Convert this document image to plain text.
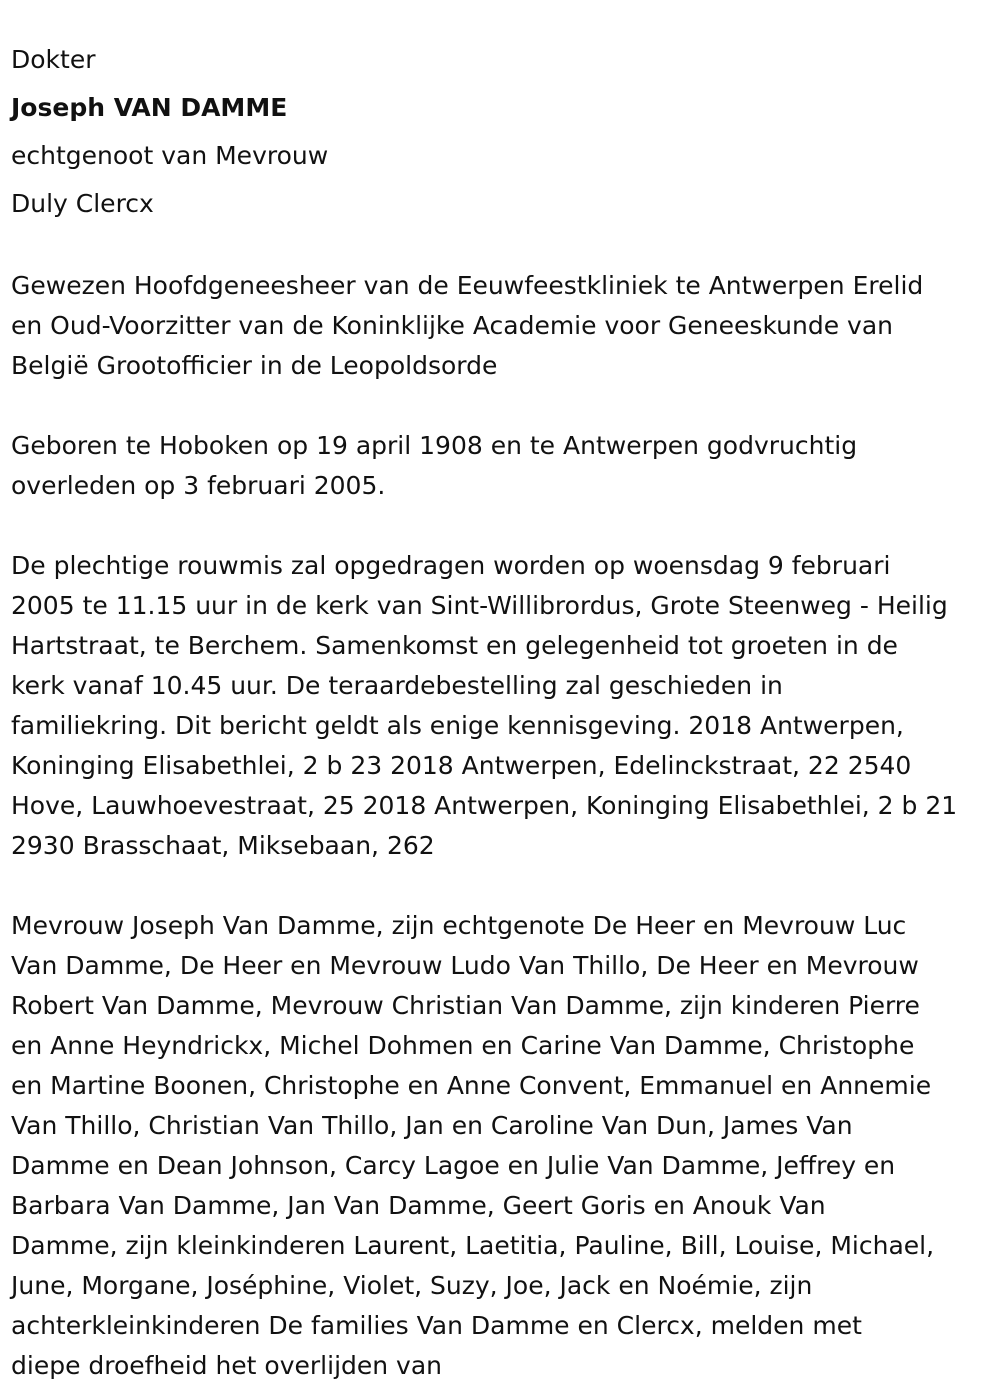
Dokter

Joseph VAN DAMME

echtgenoot van Mevrouw

Duly Clercx

Gewezen Hoofdgeneesheer van de Eeuwfeestkliniek te Antwerpen Erelid
en Oud-Voorzitter van de Koninklijke Academie voor Geneeskunde van
België Grootofficier in de Leopoldsorde
Geboren te Hoboken op 19 april 1908 en te Antwerpen godvruchtig
overleden op 3 februari 2005.
De plechtige rouwmis zal opgedragen worden op woensdag 9 februari
2005 te 11.15 uur in de kerk van Sint-Willibrordus, Grote Steenweg - Heilig
Hartstraat, te Berchem. Samenkomst en gelegenheid tot groeten in de
kerk vanaf 10.45 uur. De teraardebestelling zal geschieden in
familiekring. Dit bericht geldt als enige kennisgeving. 2018 Antwerpen,
Koninging Elisabethlei, 2 b 23 2018 Antwerpen, Edelinckstraat, 22 2540
Hove, Lauwhoevestraat, 25 2018 Antwerpen, Koninging Elisabethlei, 2 b 21
2930 Brasschaat, Miksebaan, 262
Mevrouw Joseph Van Damme, zijn echtgenote De Heer en Mevrouw Luc
Van Damme, De Heer en Mevrouw Ludo Van Thillo, De Heer en Mevrouw
Robert Van Damme, Mevrouw Christian Van Damme, zijn kinderen Pierre
en Anne Heyndrickx, Michel Dohmen en Carine Van Damme, Christophe
en Martine Boonen, Christophe en Anne Convent, Emmanuel en Annemie
Van Thillo, Christian Van Thillo, Jan en Caroline Van Dun, James Van
Damme en Dean Johnson, Carcy Lagoe en Julie Van Damme, Jeffrey en
Barbara Van Damme, Jan Van Damme, Geert Goris en Anouk Van
Damme, zijn kleinkinderen Laurent, Laetitia, Pauline, Bill, Louise, Michael,
June, Morgane, Joséphine, Violet, Suzy, Joe, Jack en Noémie, zijn
achterkleinkinderen De families Van Damme en Clercx, melden met
diepe droefheid het overlijden van
